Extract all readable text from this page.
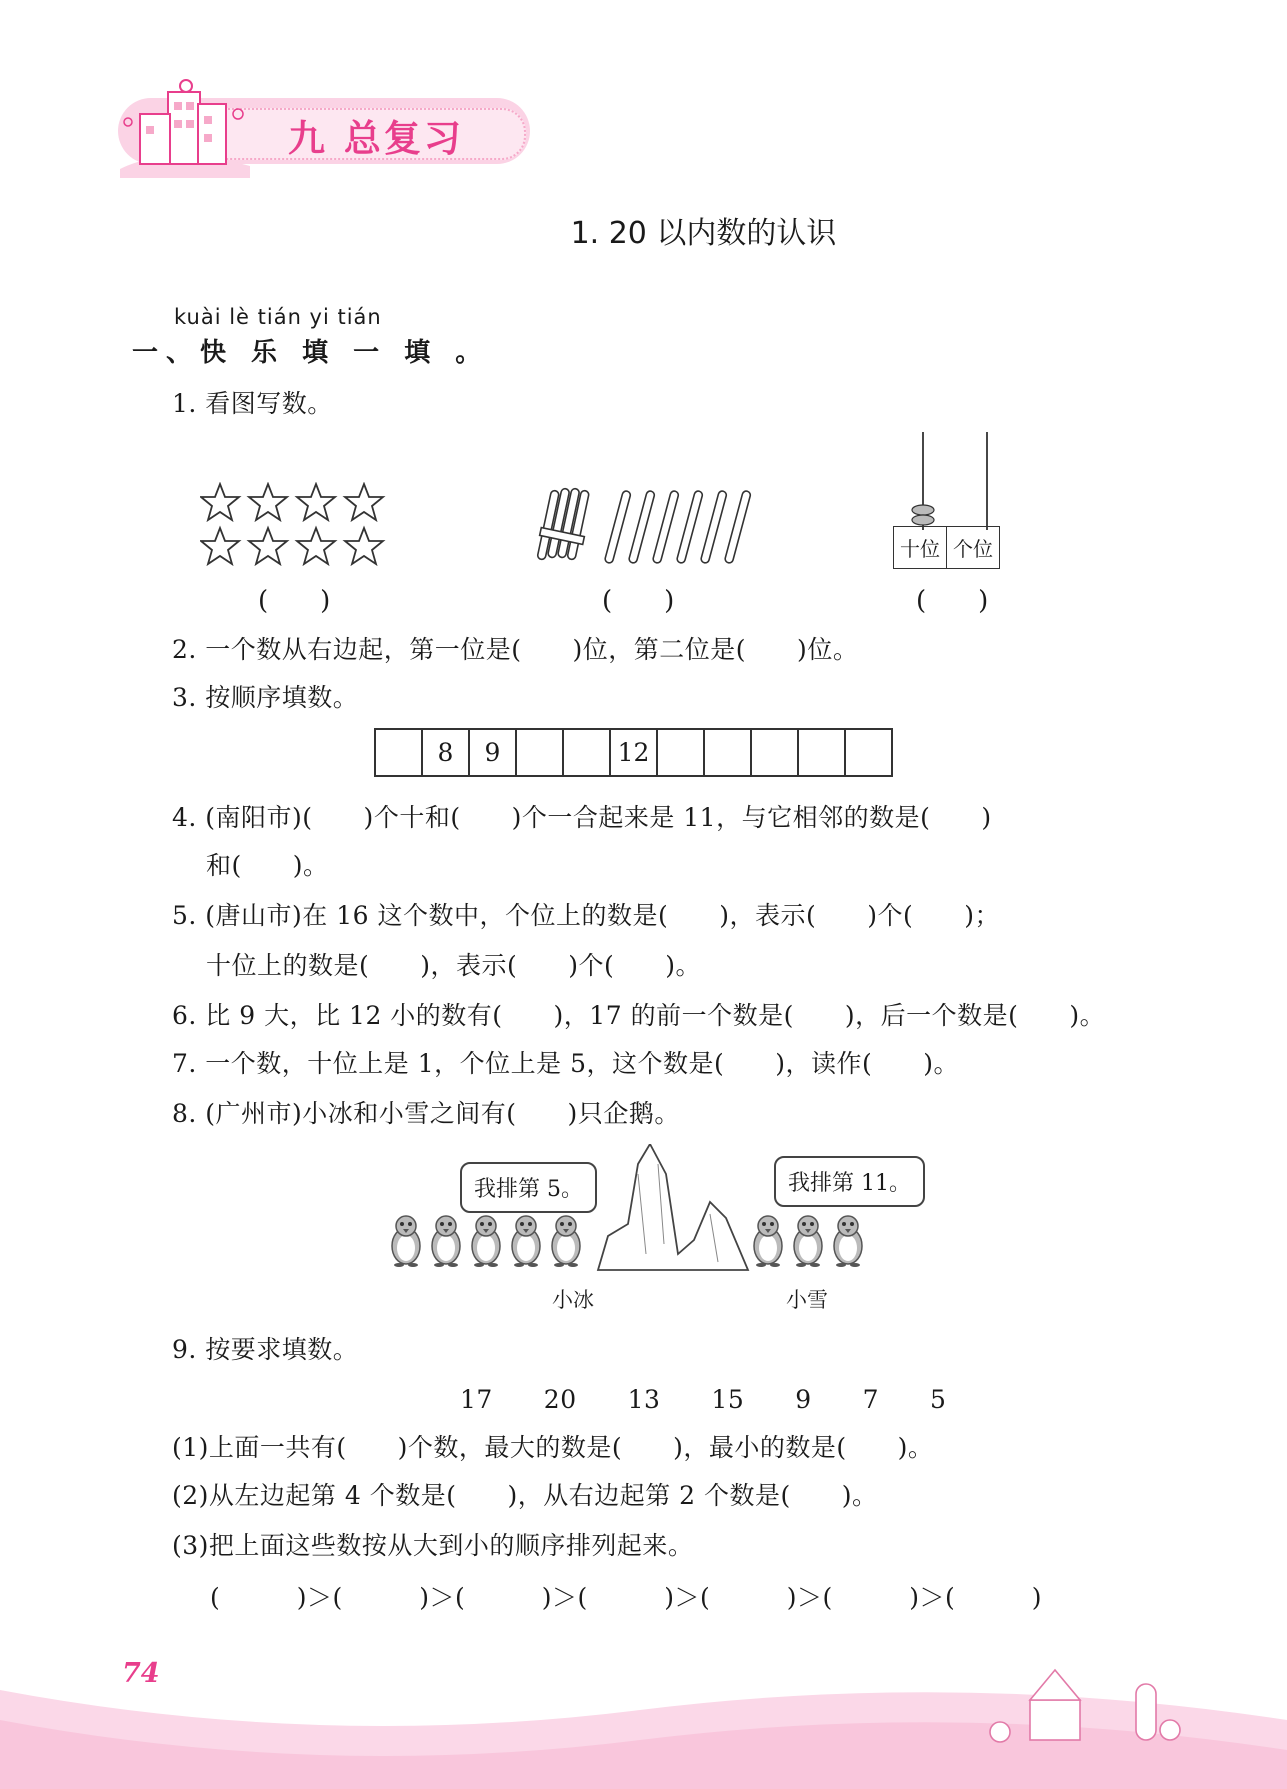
九 总复习
1. 20 以内数的认识
kuài lè tián yi tián
一、快 乐 填 一 填 。
1. 看图写数。
十位	个位
(　　)	(　　)	(　　)
2. 一个数从右边起，第一位是(　　)位，第二位是(　　)位。
3. 按顺序填数。
	8	9			12					
4. (南阳市)(　　)个十和(　　)个一合起来是 11，与它相邻的数是(　　)
和(　　)。
5. (唐山市)在 16 这个数中，个位上的数是(　　)，表示(　　)个(　　)；
十位上的数是(　　)，表示(　　)个(　　)。
6. 比 9 大，比 12 小的数有(　　)，17 的前一个数是(　　)，后一个数是(　　)。
7. 一个数，十位上是 1，个位上是 5，这个数是(　　)，读作(　　)。
8. (广州市)小冰和小雪之间有(　　)只企鹅。
我排第 5。	我排第 11。
小冰	小雪
9. 按要求填数。
17　　20　　13　　15　　9　　7　　5
(1)上面一共有(　　)个数，最大的数是(　　)，最小的数是(　　)。
(2)从左边起第 4 个数是(　　)，从右边起第 2 个数是(　　)。
(3)把上面这些数按从大到小的顺序排列起来。
(　　　)＞(　　　)＞(　　　)＞(　　　)＞(　　　)＞(　　　)＞(　　　)
74
